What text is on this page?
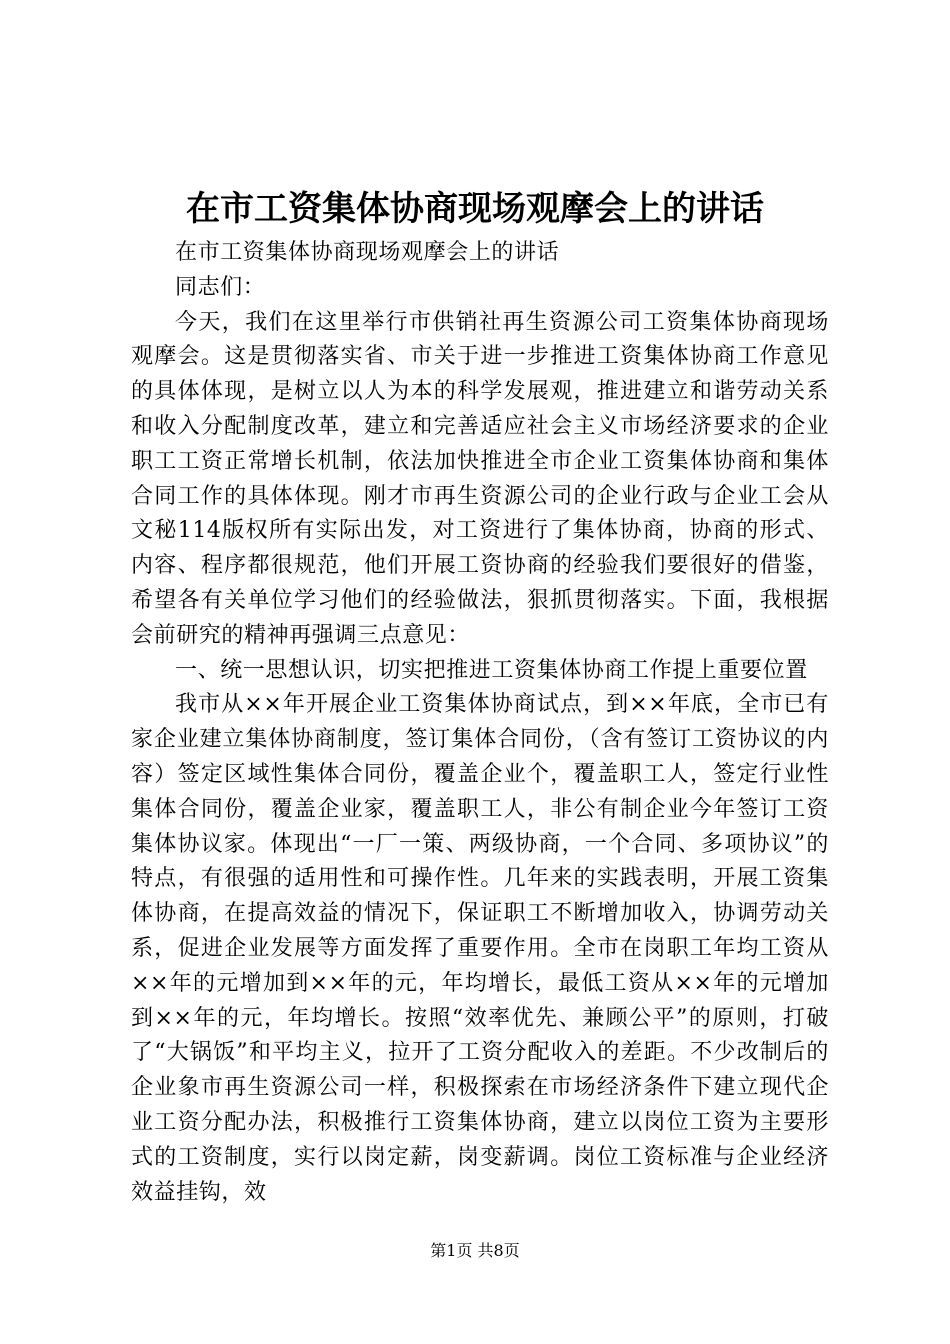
在市工资集体协商现场观摩会上的讲话

在市工资集体协商现场观摩会上的讲话

同志们：

今天，我们在这里举行市供销社再生资源公司工资集体协商现场观摩会。这是贯彻落实省、市关于进一步推进工资集体协商工作意见的具体体现，是树立以人为本的科学发展观，推进建立和谐劳动关系和收入分配制度改革，建立和完善适应社会主义市场经济要求的企业职工工资正常增长机制，依法加快推进全市企业工资集体协商和集体合同工作的具体体现。刚才市再生资源公司的企业行政与企业工会从文秘114版权所有实际出发，对工资进行了集体协商，协商的形式、内容、程序都很规范，他们开展工资协商的经验我们要很好的借鉴，希望各有关单位学习他们的经验做法，狠抓贯彻落实。下面，我根据会前研究的精神再强调三点意见：

一、统一思想认识，切实把推进工资集体协商工作提上重要位置

我市从××年开展企业工资集体协商试点，到××年底，全市已有家企业建立集体协商制度，签订集体合同份，（含有签订工资协议的内容）签定区域性集体合同份，覆盖企业个，覆盖职工人，签定行业性集体合同份，覆盖企业家，覆盖职工人，非公有制企业今年签订工资集体协议家。体现出“一厂一策、两级协商，一个合同、多项协议”的特点，有很强的适用性和可操作性。几年来的实践表明，开展工资集体协商，在提高效益的情况下，保证职工不断增加收入，协调劳动关系，促进企业发展等方面发挥了重要作用。全市在岗职工年均工资从××年的元增加到××年的元，年均增长，最低工资从××年的元增加到××年的元，年均增长。按照“效率优先、兼顾公平”的原则，打破了“大锅饭”和平均主义，拉开了工资分配收入的差距。不少改制后的企业象市再生资源公司一样，积极探索在市场经济条件下建立现代企业工资分配办法，积极推行工资集体协商，建立以岗位工资为主要形式的工资制度，实行以岗定薪，岗变薪调。岗位工资标准与企业经济效益挂钩，效

第1页 共8页
